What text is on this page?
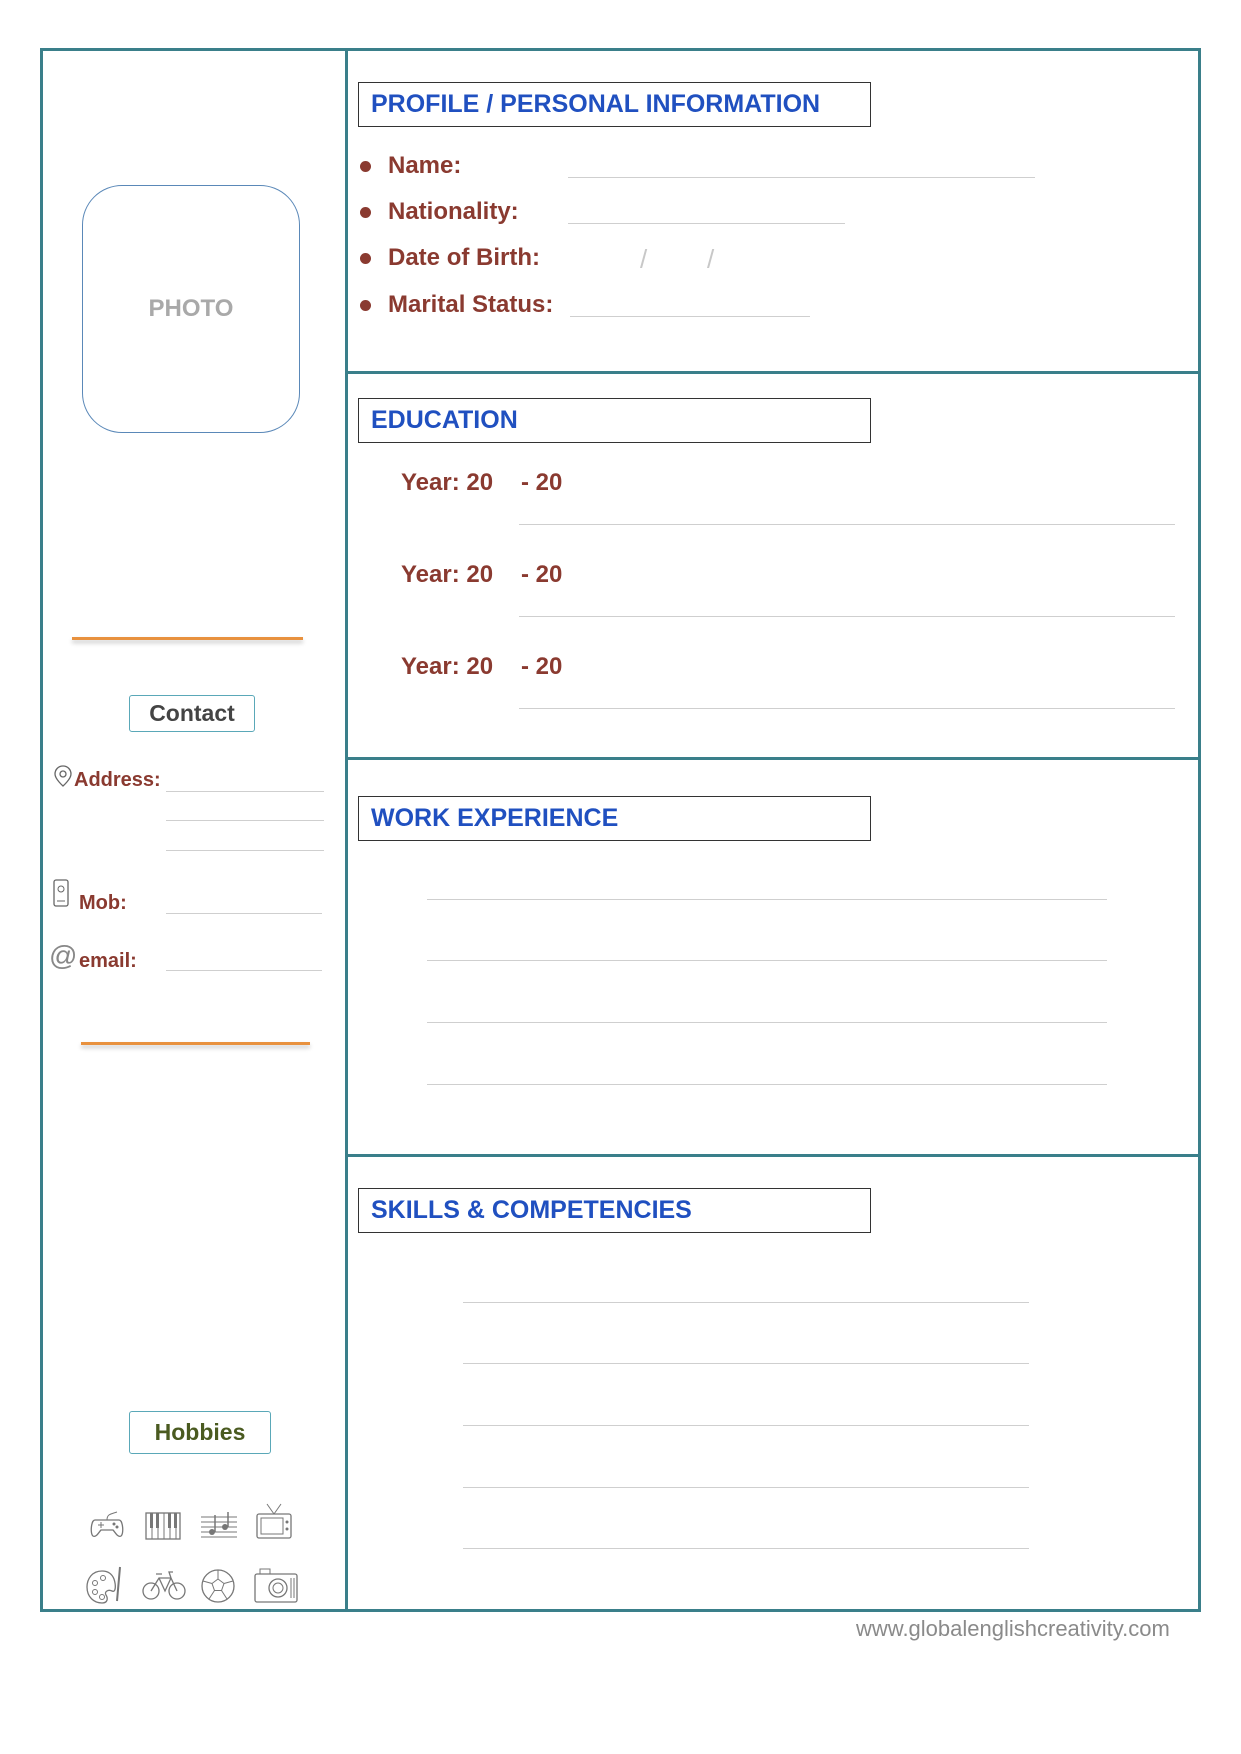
PHOTO
Contact
Address:
Mob:
@ email:
Hobbies
PROFILE / PERSONAL INFORMATION
Name:
Nationality:
Date of Birth:	/ /
Marital Status:
EDUCATION
Year: 20 - 20
Year: 20 - 20
Year: 20 - 20
WORK EXPERIENCE
SKILLS & COMPETENCIES
www.globalenglishcreativity.com
